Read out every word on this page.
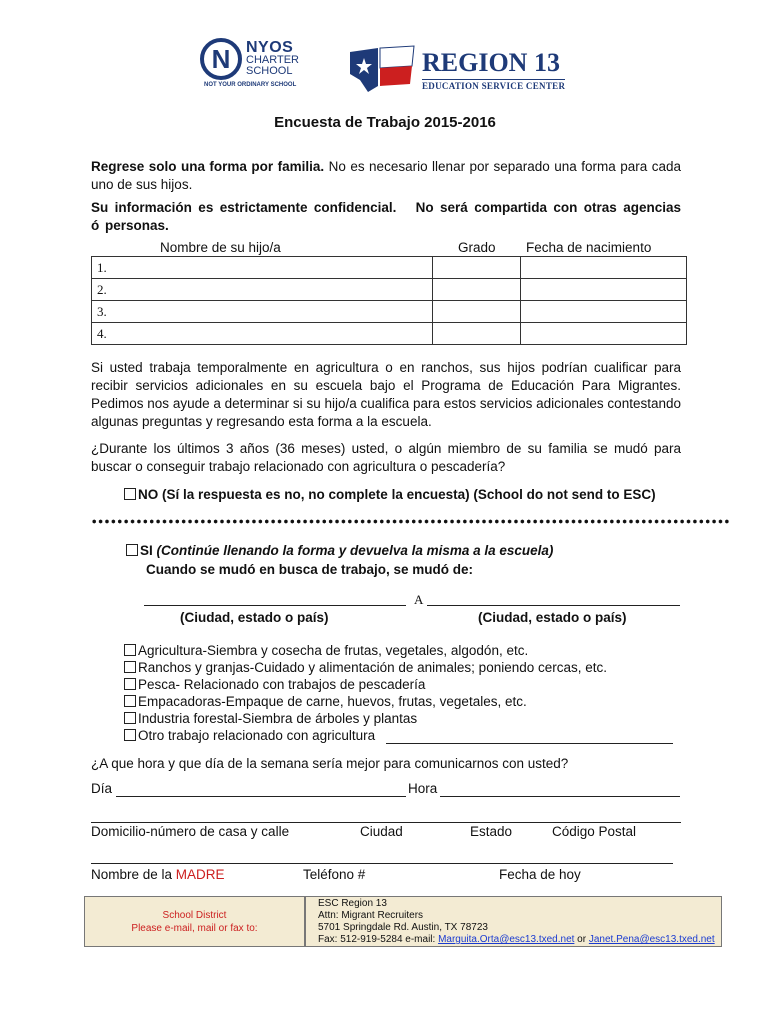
N NYOS
CHARTER
SCHOOL
NOT YOUR ORDINARY SCHOOL
REGION 13
EDUCATION SERVICE CENTER
Encuesta de Trabajo 2015-2016
Regrese solo una forma por familia. No es necesario llenar por separado una forma para cada uno de sus hijos.
Su información es estrictamente confidencial. No será compartida con otras agencias ó personas.
Nombre de su hijo/a	Grado Fecha de nacimiento
1.		
2.		
3.		
4.		
Si usted trabaja temporalmente en agricultura o en ranchos, sus hijos podrían cualificar para recibir servicios adicionales en su escuela bajo el Programa de Educación Para Migrantes. Pedimos nos ayude a determinar si su hijo/a cualifica para estos servicios adicionales contestando algunas preguntas y regresando esta forma a la escuela.
¿Durante los últimos 3 años (36 meses) usted, o algún miembro de su familia se mudó para buscar o conseguir trabajo relacionado con agricultura o pescadería?
NO (Sí la respuesta es no, no complete la encuesta) (School do not send to ESC)
SI (Continúe llenando la forma y devuelva la misma a la escuela)
Cuando se mudó en busca de trabajo, se mudó de:
A
(Ciudad, estado o país)	(Ciudad, estado o país)
Agricultura-Siembra y cosecha de frutas, vegetales, algodón, etc.
Ranchos y granjas-Cuidado y alimentación de animales; poniendo cercas, etc.
Pesca- Relacionado con trabajos de pescadería
Empacadoras-Empaque de carne, huevos, frutas, vegetales, etc.
Industria forestal-Siembra de árboles y plantas
Otro trabajo relacionado con agricultura
¿A que hora y que día de la semana sería mejor para comunicarnos con usted?
Día	Hora
Domicilio-número de casa y calle	Ciudad	Estado	Código Postal
Nombre de la MADRE	Teléfono #	Fecha de hoy
School District
Please e-mail, mail or fax to:
ESC Region 13
Attn: Migrant Recruiters
5701 Springdale Rd. Austin, TX 78723
Fax: 512-919-5284 e-mail: Marguita.Orta@esc13.txed.net or Janet.Pena@esc13.txed.net
